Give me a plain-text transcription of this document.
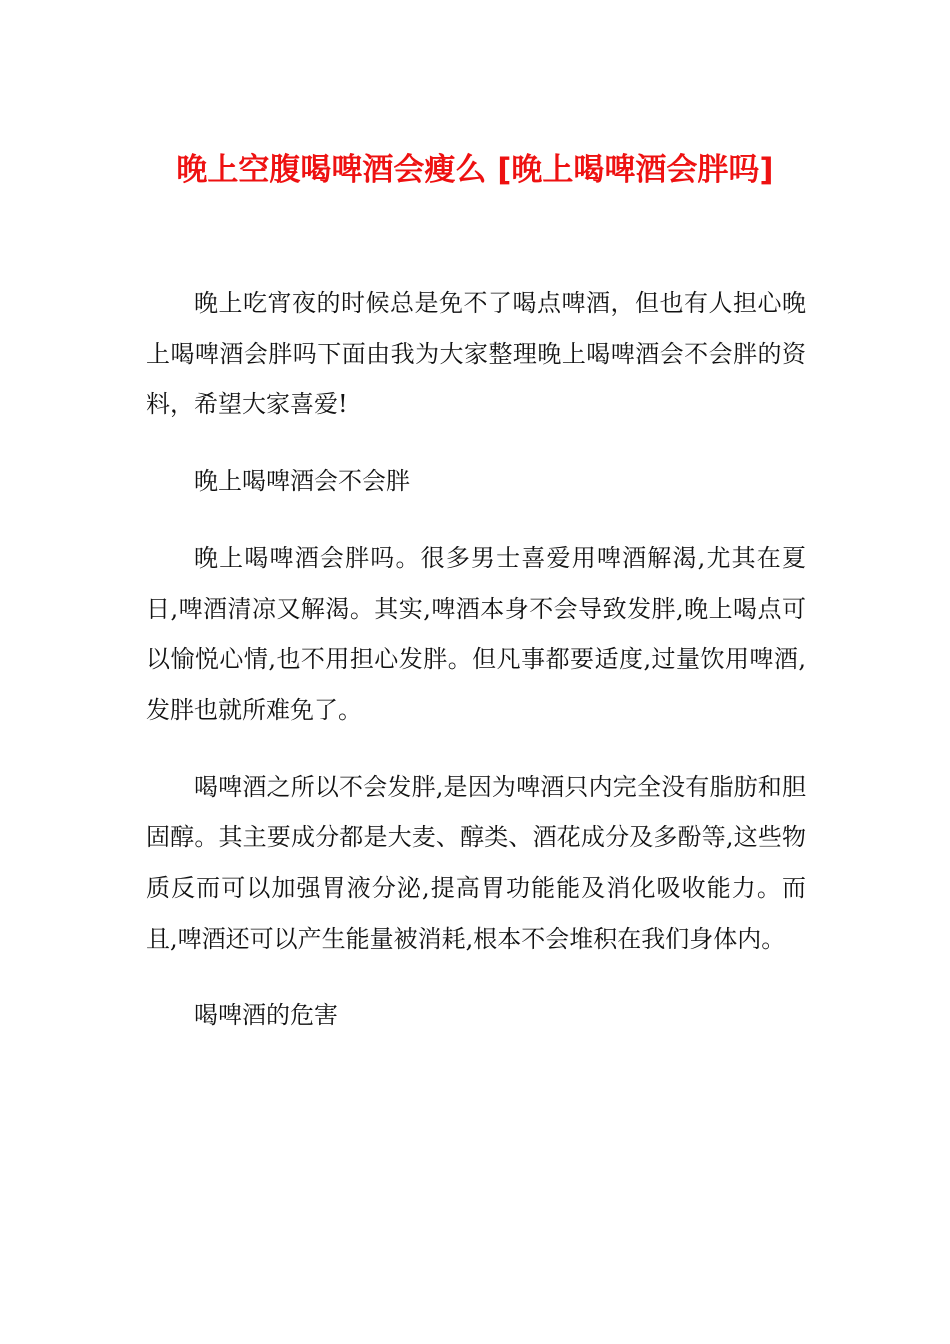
晚上空腹喝啤酒会瘦么 [晚上喝啤酒会胖吗]

晚上吃宵夜的时候总是免不了喝点啤酒，但也有人担心晚上喝啤酒会胖吗下面由我为大家整理晚上喝啤酒会不会胖的资料，希望大家喜爱!

晚上喝啤酒会不会胖

晚上喝啤酒会胖吗。很多男士喜爱用啤酒解渴,尤其在夏日,啤酒清凉又解渴。其实,啤酒本身不会导致发胖,晚上喝点可以愉悦心情,也不用担心发胖。但凡事都要适度,过量饮用啤酒,发胖也就所难免了。

喝啤酒之所以不会发胖,是因为啤酒只内完全没有脂肪和胆固醇。其主要成分都是大麦、醇类、酒花成分及多酚等,这些物质反而可以加强胃液分泌,提高胃功能能及消化吸收能力。而且,啤酒还可以产生能量被消耗,根本不会堆积在我们身体内。

喝啤酒的危害
